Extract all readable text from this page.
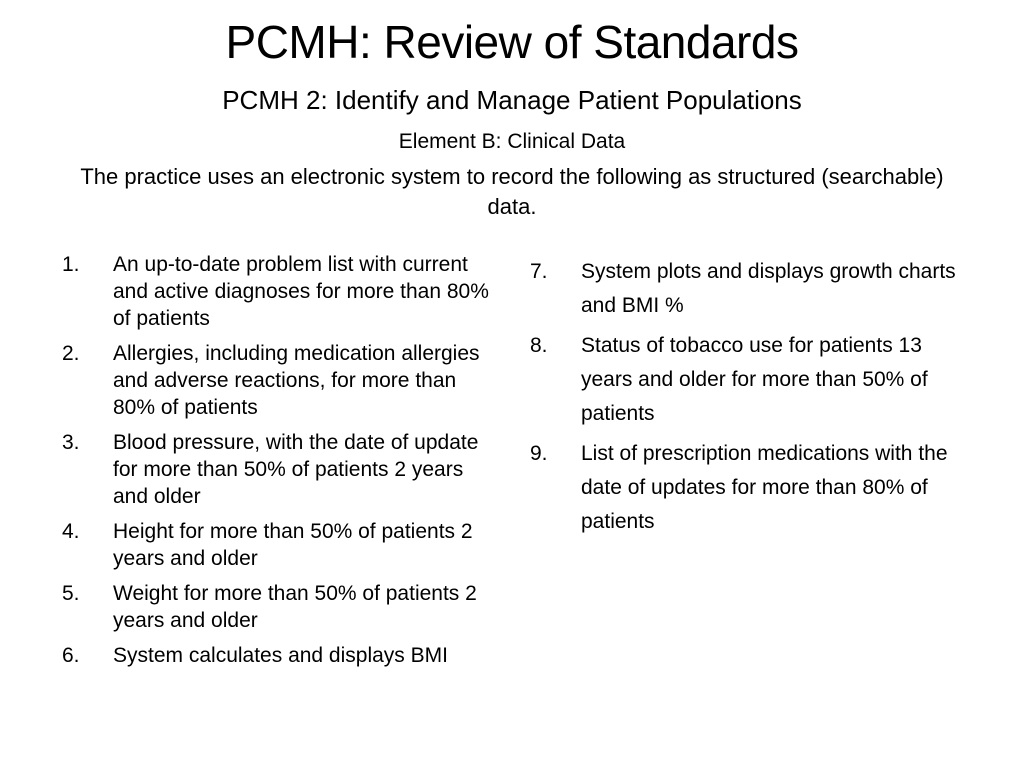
PCMH: Review of Standards
PCMH 2: Identify and Manage Patient Populations
Element B: Clinical Data
The practice uses an electronic system to record the following as structured (searchable) data.
1.	An up-to-date problem list with current and active diagnoses for more than 80% of patients
2.	Allergies, including medication allergies and adverse reactions, for more than 80% of patients
3.	Blood pressure, with the date of update for more than 50% of patients 2 years and older
4.	Height for more than 50% of patients 2 years and older
5.	Weight for more than 50% of patients 2 years and older
6.	System calculates and displays BMI
7.	System plots and displays growth charts and BMI %
8.	Status of tobacco use for patients 13 years and older for more than 50% of patients
9.	List of prescription medications with the date of updates for more than 80% of patients
